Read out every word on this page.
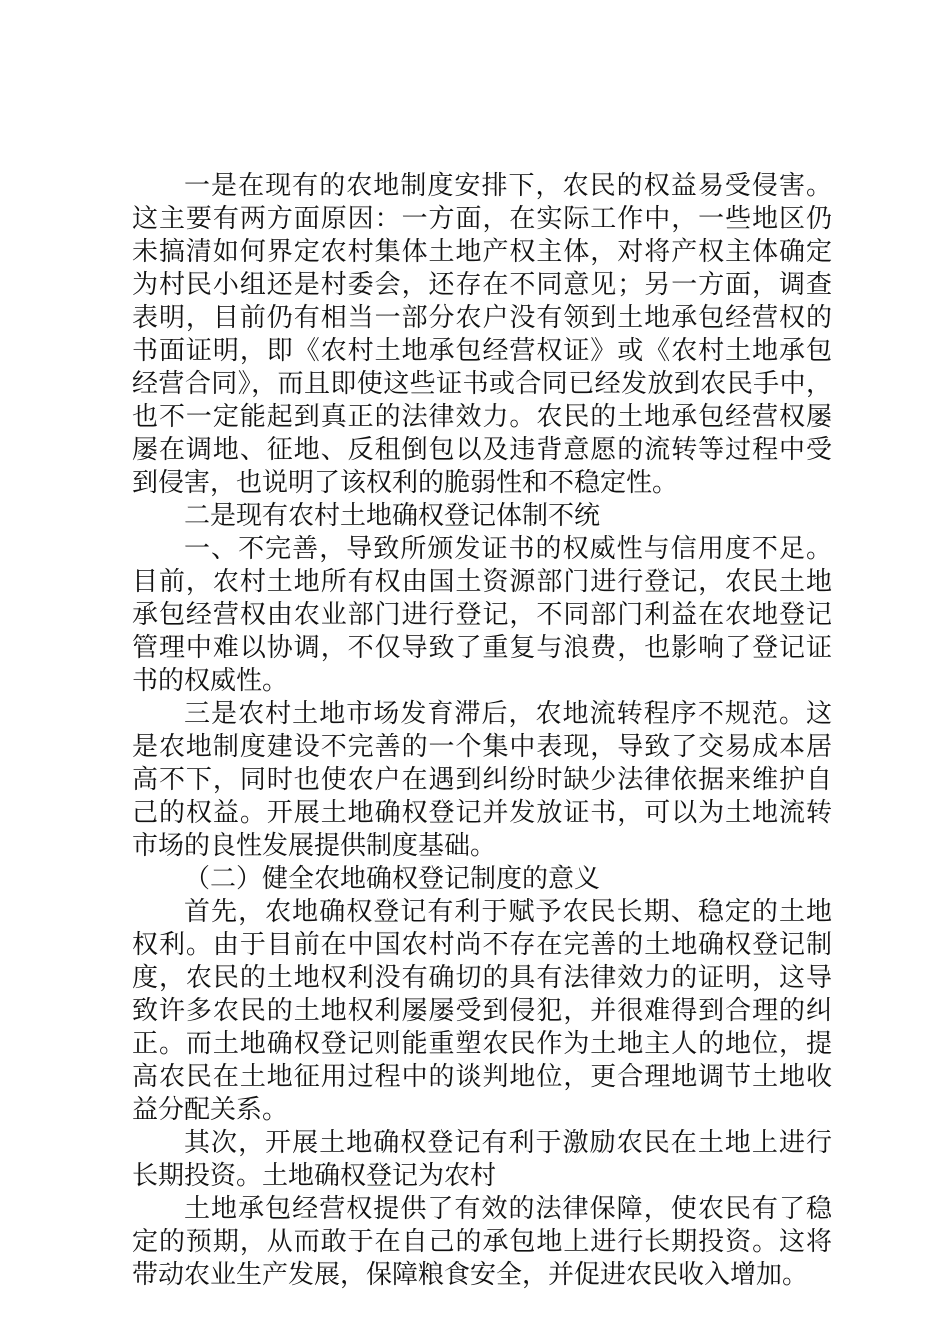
一是在现有的农地制度安排下，农民的权益易受侵害。这主要有两方面原因：一方面，在实际工作中，一些地区仍未搞清如何界定农村集体土地产权主体，对将产权主体确定为村民小组还是村委会，还存在不同意见；另一方面，调查表明，目前仍有相当一部分农户没有领到土地承包经营权的书面证明，即《农村土地承包经营权证》或《农村土地承包经营合同》，而且即使这些证书或合同已经发放到农民手中，也不一定能起到真正的法律效力。农民的土地承包经营权屡屡在调地、征地、反租倒包以及违背意愿的流转等过程中受到侵害，也说明了该权利的脆弱性和不稳定性。

二是现有农村土地确权登记体制不统

一、不完善，导致所颁发证书的权威性与信用度不足。目前，农村土地所有权由国土资源部门进行登记，农民土地承包经营权由农业部门进行登记，不同部门利益在农地登记管理中难以协调，不仅导致了重复与浪费，也影响了登记证书的权威性。

三是农村土地市场发育滞后，农地流转程序不规范。这是农地制度建设不完善的一个集中表现，导致了交易成本居高不下，同时也使农户在遇到纠纷时缺少法律依据来维护自己的权益。开展土地确权登记并发放证书，可以为土地流转市场的良性发展提供制度基础。

（二）健全农地确权登记制度的意义

首先，农地确权登记有利于赋予农民长期、稳定的土地权利。由于目前在中国农村尚不存在完善的土地确权登记制度，农民的土地权利没有确切的具有法律效力的证明，这导致许多农民的土地权利屡屡受到侵犯，并很难得到合理的纠正。而土地确权登记则能重塑农民作为土地主人的地位，提高农民在土地征用过程中的谈判地位，更合理地调节土地收益分配关系。

其次，开展土地确权登记有利于激励农民在土地上进行长期投资。土地确权登记为农村

土地承包经营权提供了有效的法律保障，使农民有了稳定的预期，从而敢于在自己的承包地上进行长期投资。这将带动农业生产发展，保障粮食安全，并促进农民收入增加。
